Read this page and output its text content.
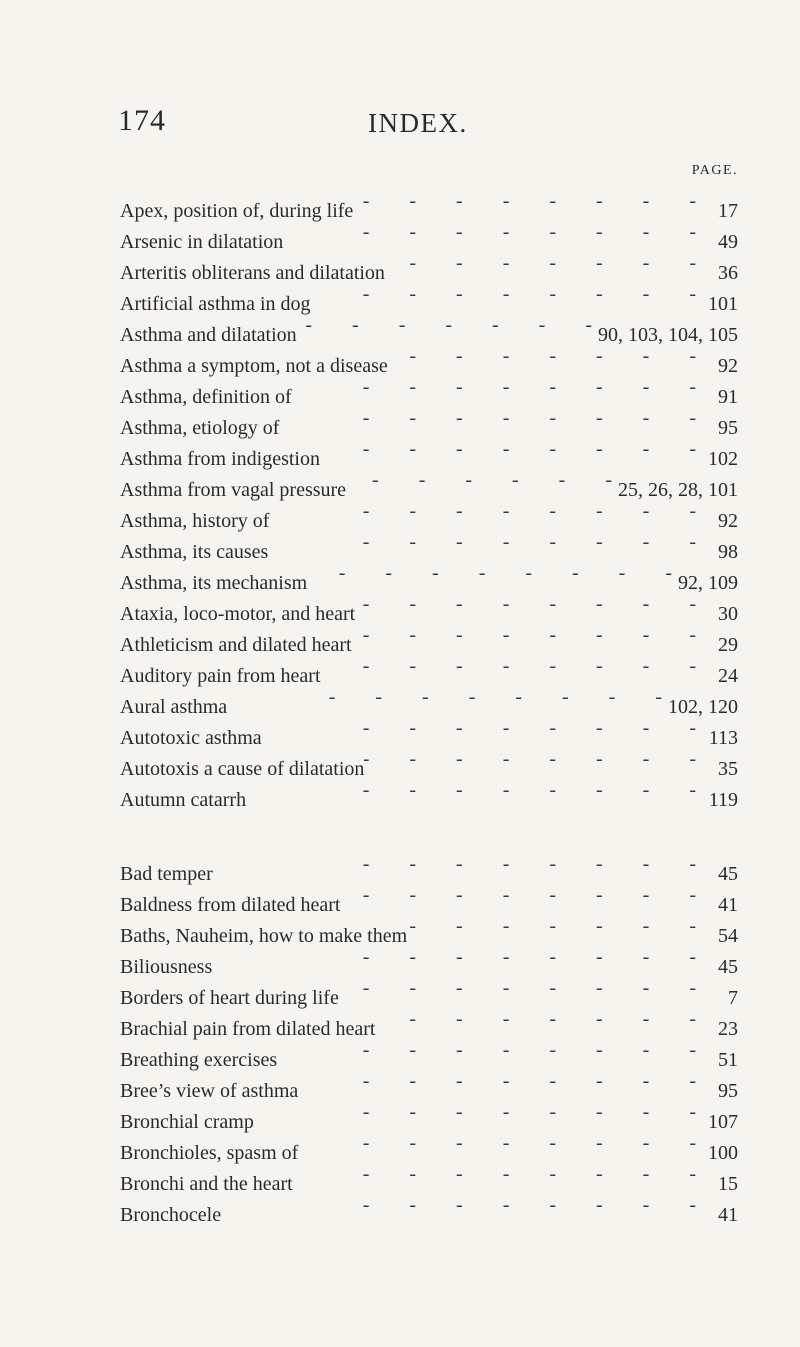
174	INDEX.
PAGE.
Apex, position of, during life -	17
Arsenic in dilatation -	49
Arteritis obliterans and dilatation -	36
Artificial asthma in dog -	101
Asthma and dilatation -	90, 103, 104, 105
Asthma a symptom, not a disease -	92
Asthma, definition of -	91
Asthma, etiology of -	95
Asthma from indigestion -	102
Asthma from vagal pressure -	25, 26, 28, 101
Asthma, history of -	92
Asthma, its causes -	98
Asthma, its mechanism -	92, 109
Ataxia, loco-motor, and heart -	30
Athleticism and dilated heart -	29
Auditory pain from heart -	24
Aural asthma -	102, 120
Autotoxic asthma -	113
Autotoxis a cause of dilatation -	35
Autumn catarrh -	119
Bad temper -	45
Baldness from dilated heart -	41
Baths, Nauheim, how to make them -	54
Biliousness -	45
Borders of heart during life -	7
Brachial pain from dilated heart -	23
Breathing exercises -	51
Bree’s view of asthma -	95
Bronchial cramp -	107
Bronchioles, spasm of -	100
Bronchi and the heart -	15
Bronchocele -	41
